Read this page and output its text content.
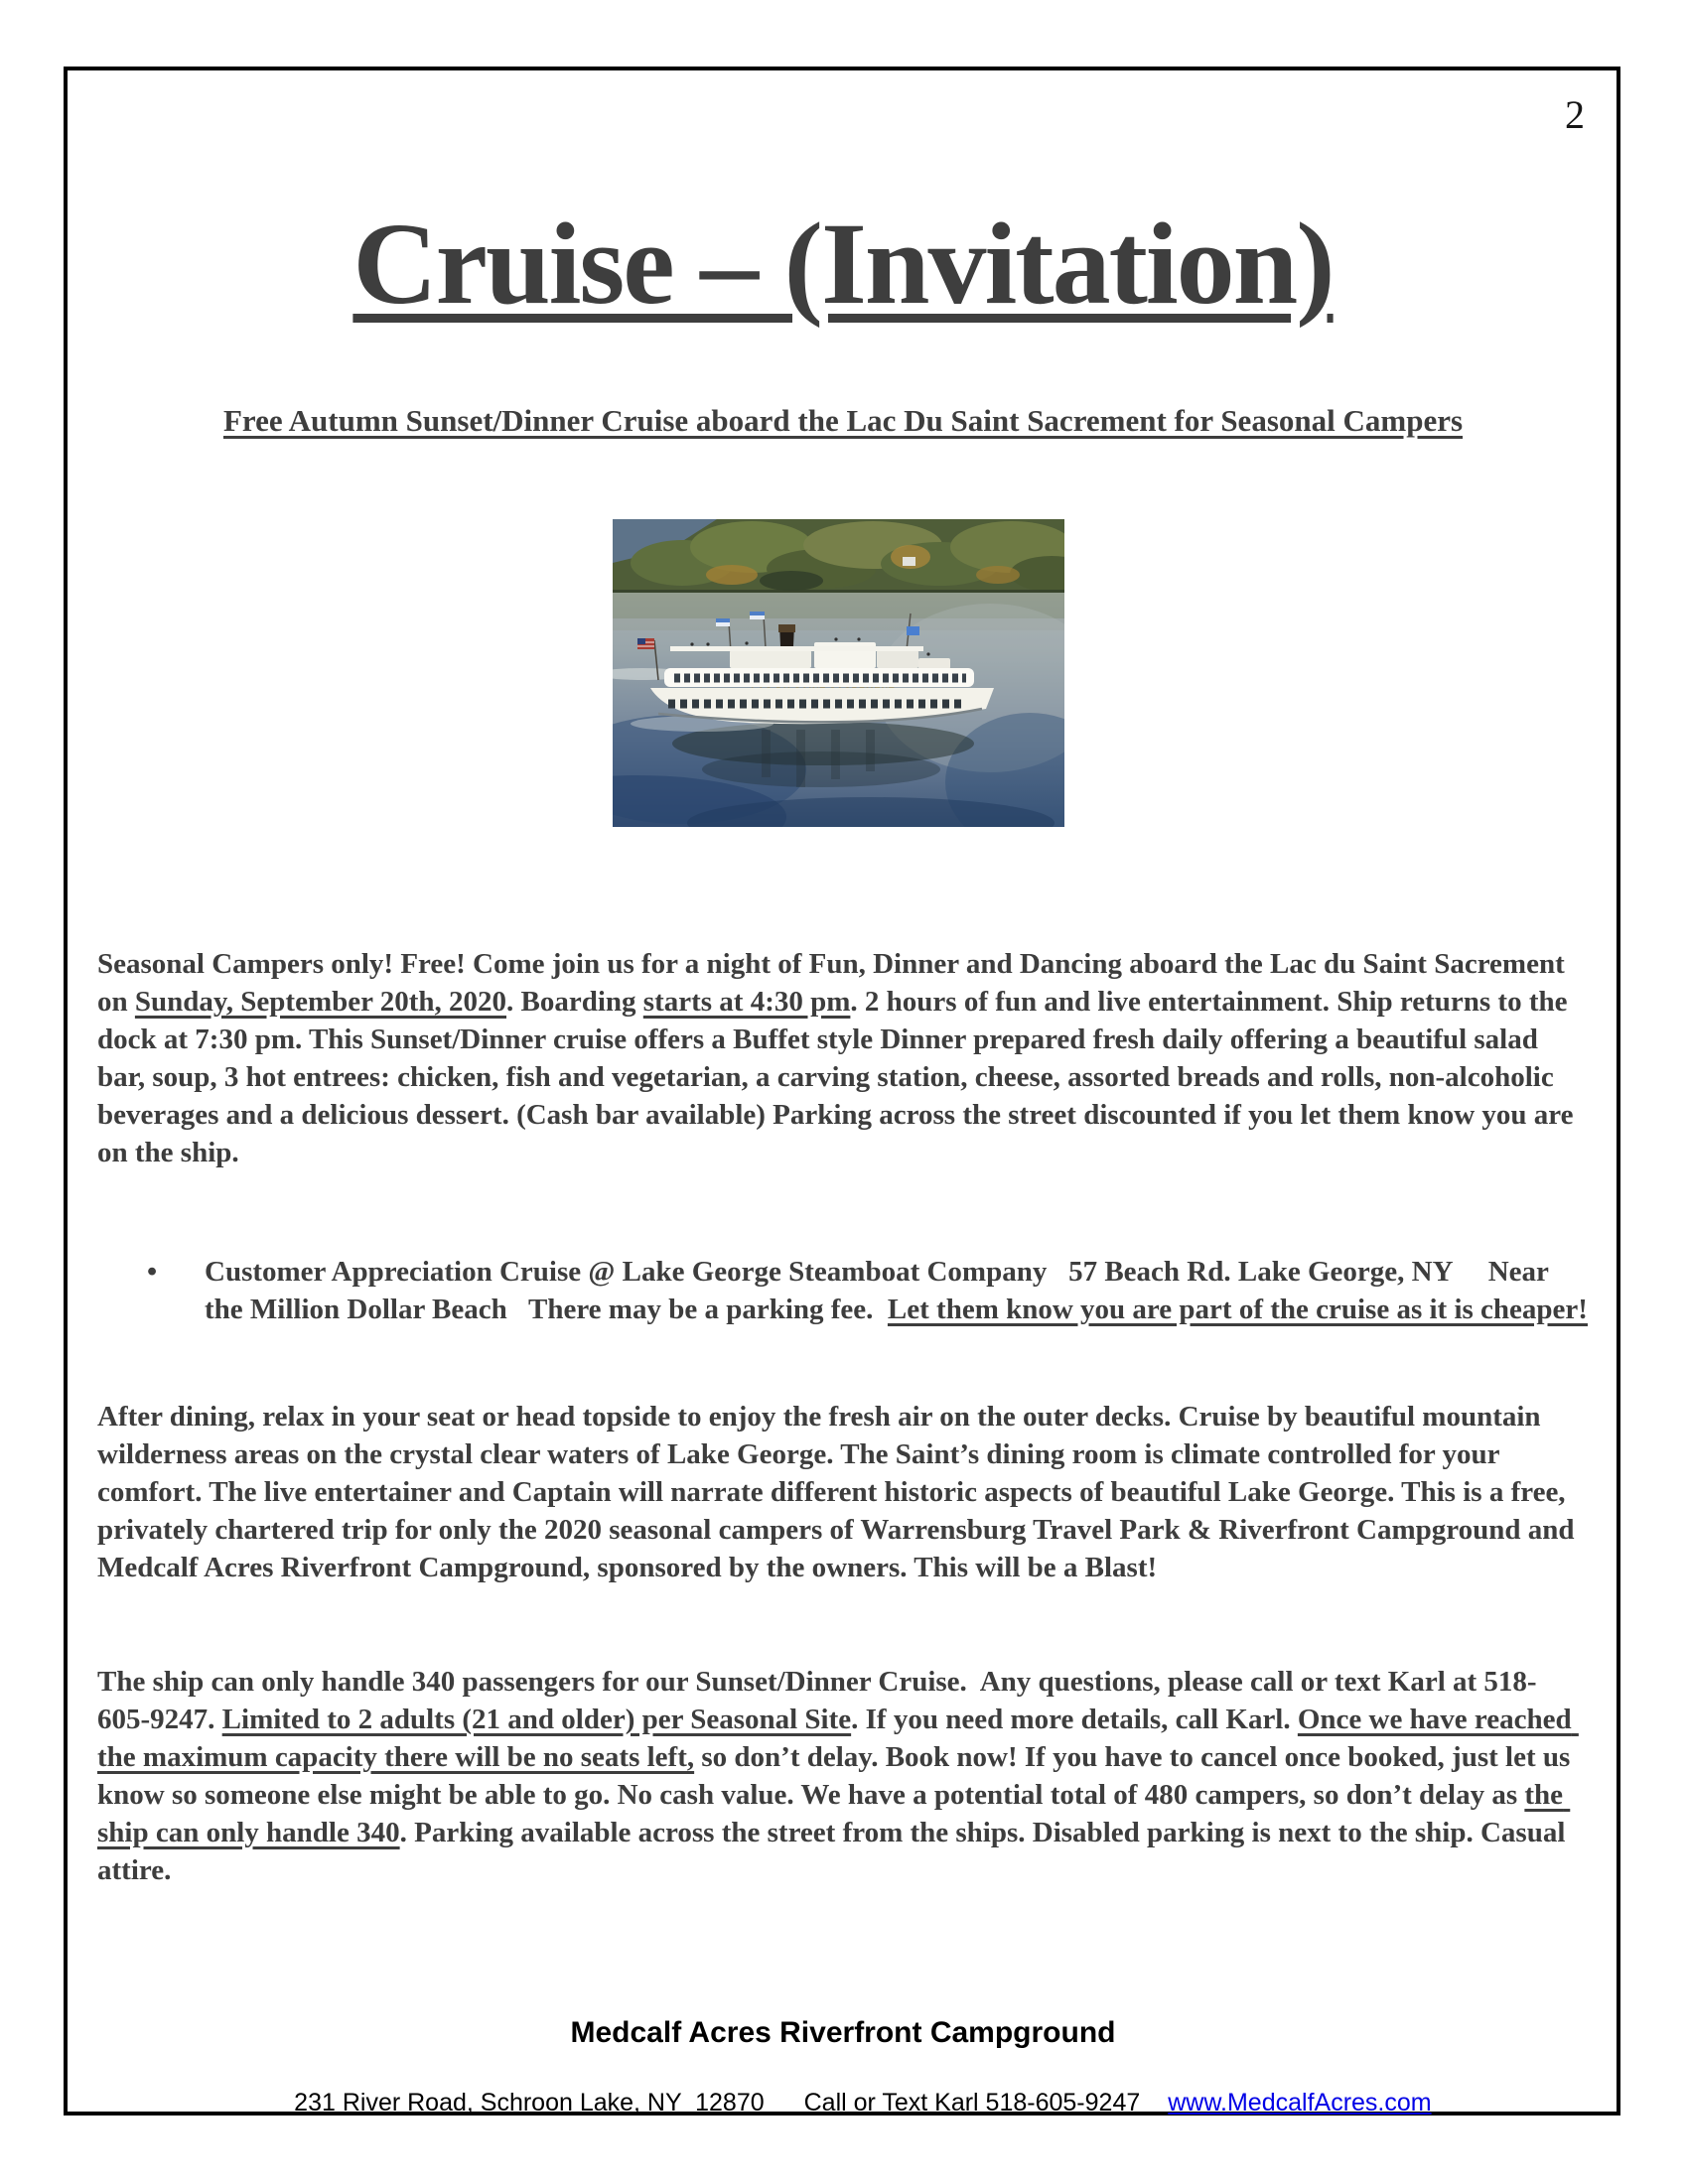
2
Cruise – (Invitation)
Free Autumn Sunset/Dinner Cruise aboard the Lac Du Saint Sacrement for Seasonal Campers
Seasonal Campers only! Free! Come join us for a night of Fun, Dinner and Dancing aboard the Lac du Saint Sacrement on Sunday, September 20th, 2020. Boarding starts at 4:30 pm. 2 hours of fun and live entertainment. Ship returns to the dock at 7:30 pm. This Sunset/Dinner cruise offers a Buffet style Dinner prepared fresh daily offering a beautiful salad bar, soup, 3 hot entrees: chicken, fish and vegetarian, a carving station, cheese, assorted breads and rolls, non-alcoholic beverages and a delicious dessert. (Cash bar available) Parking across the street discounted if you let them know you are on the ship.
•	Customer Appreciation Cruise @ Lake George Steamboat Company   57 Beach Rd. Lake George, NY     Near the Million Dollar Beach   There may be a parking fee.  Let them know you are part of the cruise as it is cheaper!
After dining, relax in your seat or head topside to enjoy the fresh air on the outer decks. Cruise by beautiful mountain wilderness areas on the crystal clear waters of Lake George. The Saint’s dining room is climate controlled for your comfort. The live entertainer and Captain will narrate different historic aspects of beautiful Lake George. This is a free, privately chartered trip for only the 2020 seasonal campers of Warrensburg Travel Park & Riverfront Campground and Medcalf Acres Riverfront Campground, sponsored by the owners. This will be a Blast!
The ship can only handle 340 passengers for our Sunset/Dinner Cruise.  Any questions, please call or text Karl at 518-605-9247. Limited to 2 adults (21 and older) per Seasonal Site. If you need more details, call Karl. Once we have reached the maximum capacity there will be no seats left, so don’t delay. Book now! If you have to cancel once booked, just let us know so someone else might be able to go. No cash value. We have a potential total of 480 campers, so don’t delay as the ship can only handle 340. Parking available across the street from the ships. Disabled parking is next to the ship. Casual attire.
Medcalf Acres Riverfront Campground

231 River Road, Schroon Lake, NY  12870 Call or Text Karl 518-605-9247 www.MedcalfAcres.com
